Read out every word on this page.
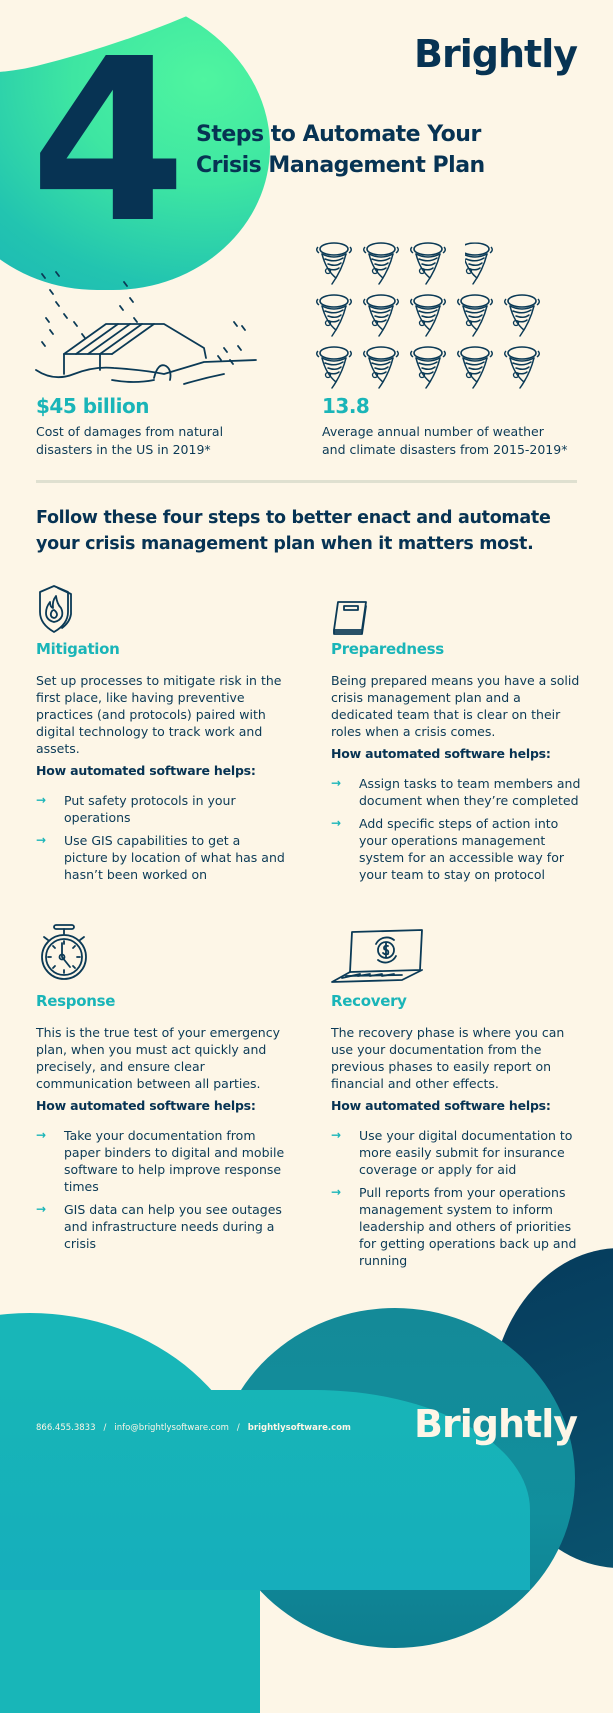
4	Brightly
Steps to Automate Your
Crisis Management Plan
$45 billion
Cost of damages from natural
disasters in the US in 2019*
13.8
Average annual number of weather
and climate disasters from 2015-2019*
Follow these four steps to better enact and automate your crisis management plan when it matters most.
Mitigation
Set up processes to mitigate risk in the first place, like having preventive practices (and protocols) paired with digital technology to track work and assets.
How automated software helps:
→ Put safety protocols in your operations
→ Use GIS capabilities to get a picture by location of what has and hasn’t been worked on
Preparedness
Being prepared means you have a solid crisis management plan and a dedicated team that is clear on their roles when a crisis comes.
How automated software helps:
→ Assign tasks to team members and document when they’re completed
→ Add specific steps of action into your operations management system for an accessible way for your team to stay on protocol
Response
This is the true test of your emergency plan, when you must act quickly and precisely, and ensure clear communication between all parties.
How automated software helps:
→ Take your documentation from paper binders to digital and mobile software to help improve response times
→ GIS data can help you see outages and infrastructure needs during a crisis
Recovery
The recovery phase is where you can use your documentation from the previous phases to easily report on financial and other effects.
How automated software helps:
→ Use your digital documentation to more easily submit for insurance coverage or apply for aid
→ Pull reports from your operations management system to inform leadership and others of priorities for getting operations back up and running
866.455.3833 / info@brightlysoftware.com / brightlysoftware.com Brightly
